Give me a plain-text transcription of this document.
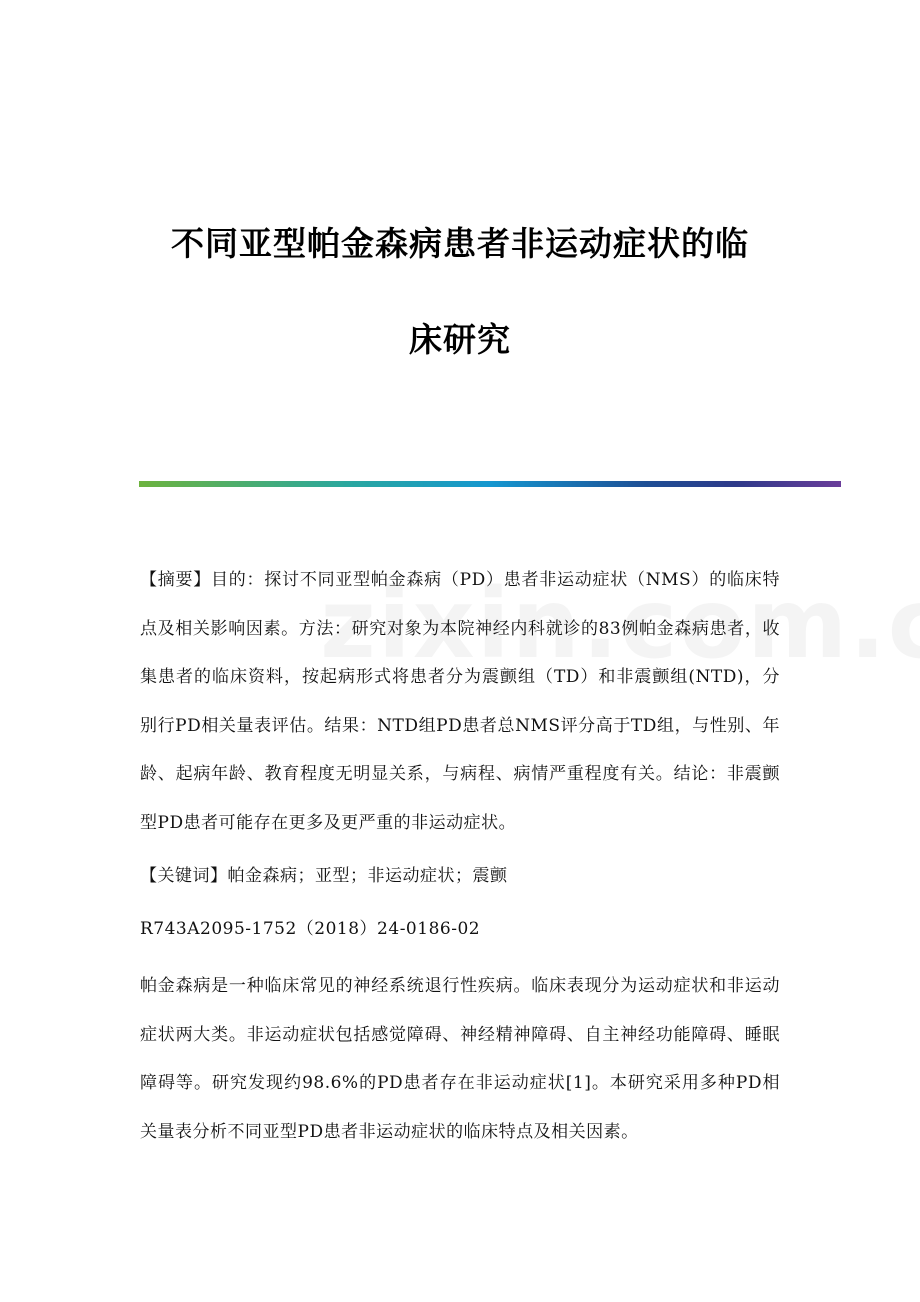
不同亚型帕金森病患者非运动症状的临
床研究

【摘要】目的：探讨不同亚型帕金森病（PD）患者非运动症状（NMS）的临床特点及相关影响因素。方法：研究对象为本院神经内科就诊的83例帕金森病患者，收集患者的临床资料，按起病形式将患者分为震颤组（TD）和非震颤组(NTD)，分别行PD相关量表评估。结果：NTD组PD患者总NMS评分高于TD组，与性别、年龄、起病年龄、教育程度无明显关系，与病程、病情严重程度有关。结论：非震颤型PD患者可能存在更多及更严重的非运动症状。

【关键词】帕金森病；亚型；非运动症状；震颤

R743A2095-1752（2018）24-0186-02

帕金森病是一种临床常见的神经系统退行性疾病。临床表现分为运动症状和非运动症状两大类。非运动症状包括感觉障碍、神经精神障碍、自主神经功能障碍、睡眠障碍等。研究发现约98.6%的PD患者存在非运动症状[1]。本研究采用多种PD相关量表分析不同亚型PD患者非运动症状的临床特点及相关因素。
